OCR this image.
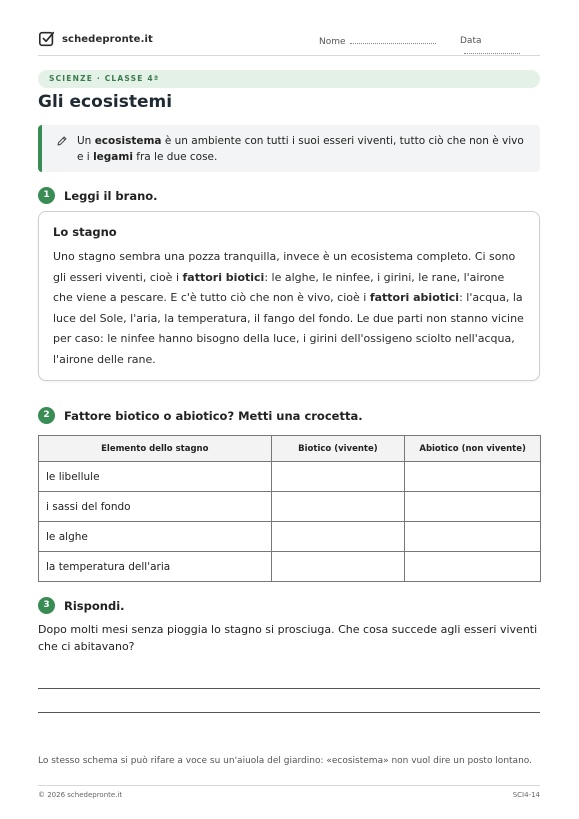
schedepronte.it	Nome	Data
SCIENZE · CLASSE 4ª
Gli ecosistemi
Un ecosistema è un ambiente con tutti i suoi esseri viventi, tutto ciò che non è vivo e i legami fra le due cose.
1	Leggi il brano.
Lo stagno
Uno stagno sembra una pozza tranquilla, invece è un ecosistema completo. Ci sono gli esseri viventi, cioè i fattori biotici: le alghe, le ninfee, i girini, le rane, l'airone che viene a pescare. E c'è tutto ciò che non è vivo, cioè i fattori abiotici: l'acqua, la luce del Sole, l'aria, la temperatura, il fango del fondo. Le due parti non stanno vicine per caso: le ninfee hanno bisogno della luce, i girini dell'ossigeno sciolto nell'acqua, l'airone delle rane.
2	Fattore biotico o abiotico? Metti una crocetta.
Elemento dello stagno	Biotico (vivente)	Abiotico (non vivente)
le libellule		
i sassi del fondo		
le alghe		
la temperatura dell'aria		
3	Rispondi.
Dopo molti mesi senza pioggia lo stagno si prosciuga. Che cosa succede agli esseri viventi che ci abitavano?
Lo stesso schema si può rifare a voce su un'aiuola del giardino: «ecosistema» non vuol dire un posto lontano.
© 2026 schedepronte.it	SCI4-14
